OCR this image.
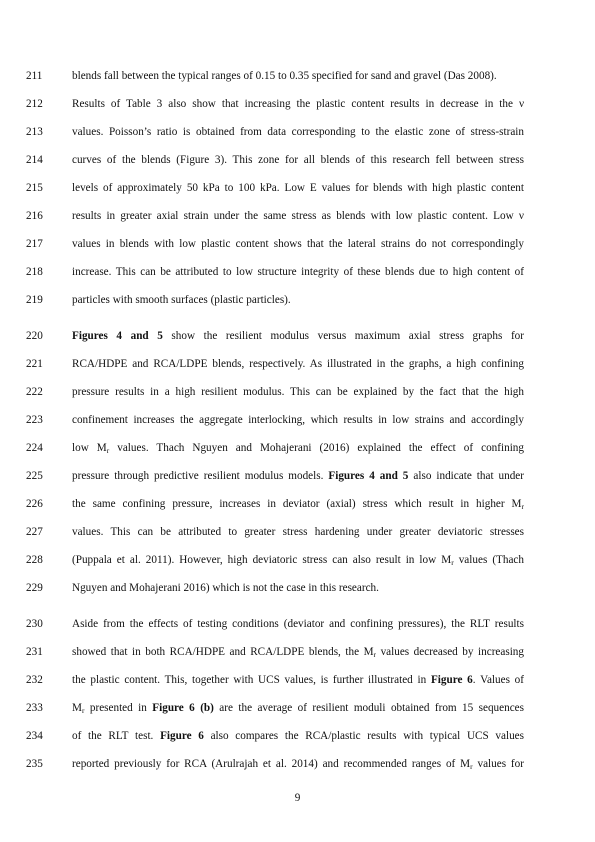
211	blends fall between the typical ranges of 0.15 to 0.35 specified for sand and gravel (Das 2008).
212	Results of Table 3 also show that increasing the plastic content results in decrease in the ν
213	values. Poisson’s ratio is obtained from data corresponding to the elastic zone of stress-strain
214	curves of the blends (Figure 3). This zone for all blends of this research fell between stress
215	levels of approximately 50 kPa to 100 kPa. Low E values for blends with high plastic content
216	results in greater axial strain under the same stress as blends with low plastic content. Low ν
217	values in blends with low plastic content shows that the lateral strains do not correspondingly
218	increase. This can be attributed to low structure integrity of these blends due to high content of
219	particles with smooth surfaces (plastic particles).
220	Figures 4 and 5 show the resilient modulus versus maximum axial stress graphs for
221	RCA/HDPE and RCA/LDPE blends, respectively. As illustrated in the graphs, a high confining
222	pressure results in a high resilient modulus. This can be explained by the fact that the high
223	confinement increases the aggregate interlocking, which results in low strains and accordingly
224	low $M_r$ values. Thach Nguyen and Mohajerani (2016) explained the effect of confining
225	pressure through predictive resilient modulus models. Figures 4 and 5 also indicate that under
226	the same confining pressure, increases in deviator (axial) stress which result in higher $M_r$
227	values. This can be attributed to greater stress hardening under greater deviatoric stresses
228	(Puppala et al. 2011). However, high deviatoric stress can also result in low $M_r$ values (Thach
229	Nguyen and Mohajerani 2016) which is not the case in this research.
230	Aside from the effects of testing conditions (deviator and confining pressures), the RLT results
231	showed that in both RCA/HDPE and RCA/LDPE blends, the $M_r$ values decreased by increasing
232	the plastic content. This, together with UCS values, is further illustrated in Figure 6. Values of
233	$M_r$ presented in Figure 6 (b) are the average of resilient moduli obtained from 15 sequences
234	of the RLT test. Figure 6 also compares the RCA/plastic results with typical UCS values
235	reported previously for RCA (Arulrajah et al. 2014) and recommended ranges of $M_r$ values for
9
